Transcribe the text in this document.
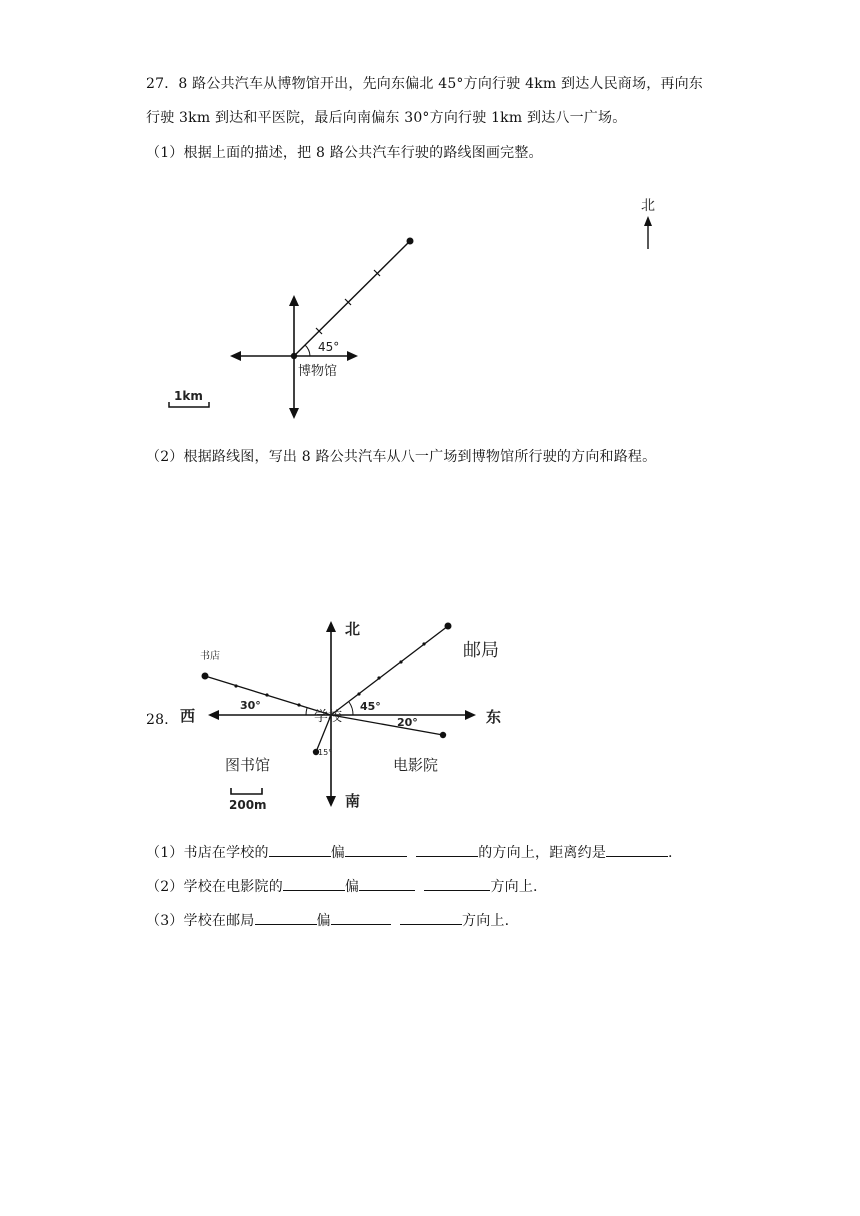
27．8 路公共汽车从博物馆开出，先向东偏北 45°方向行驶 4km 到达人民商场，再向东
行驶 3km 到达和平医院，最后向南偏东 30°方向行驶 1km 到达八一广场。
（1）根据上面的描述，把 8 路公共汽车行驶的路线图画完整。
北
45°
博物馆
1km
（2）根据路线图，写出 8 路公共汽车从八一广场到博物馆所行驶的方向和路程。
28．
北
南
西	东
书店
30°
邮局
45°
20°
15°
学校
图书馆	电影院
200m
（1）书店在学校的	偏	的方向上，距离约是	.
（2）学校在电影院的	偏	方向上.
（3）学校在邮局	偏	方向上.
